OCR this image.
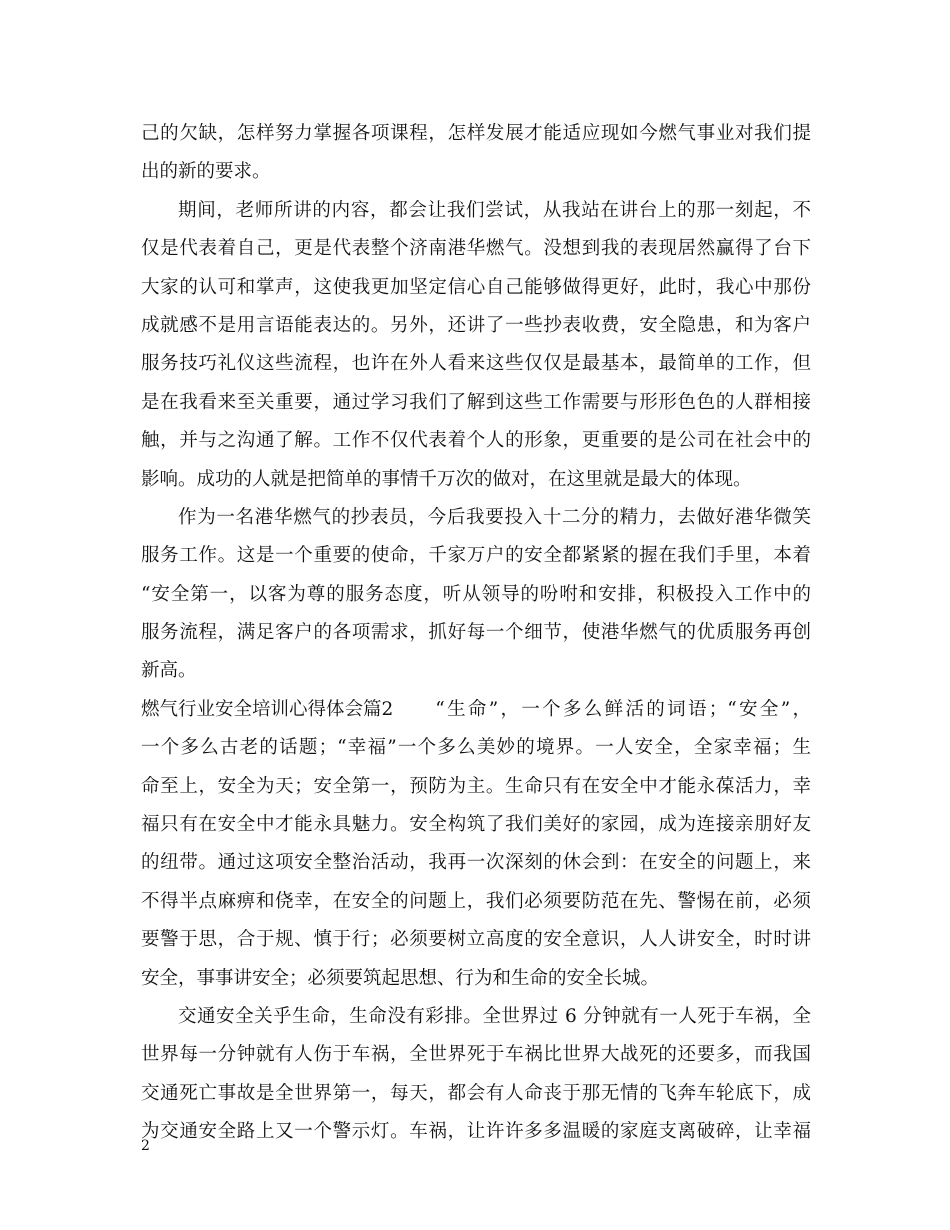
己的欠缺，怎样努力掌握各项课程，怎样发展才能适应现如今燃气事业对我们提
出的新的要求。
期间，老师所讲的内容，都会让我们尝试，从我站在讲台上的那一刻起，不
仅是代表着自己，更是代表整个济南港华燃气。没想到我的表现居然赢得了台下
大家的认可和掌声，这使我更加坚定信心自己能够做得更好，此时，我心中那份
成就感不是用言语能表达的。另外，还讲了一些抄表收费，安全隐患，和为客户
服务技巧礼仪这些流程，也许在外人看来这些仅仅是最基本，最简单的工作，但
是在我看来至关重要，通过学习我们了解到这些工作需要与形形色色的人群相接
触，并与之沟通了解。工作不仅代表着个人的形象，更重要的是公司在社会中的
影响。成功的人就是把简单的事情千万次的做对，在这里就是最大的体现。
作为一名港华燃气的抄表员，今后我要投入十二分的精力，去做好港华微笑
服务工作。这是一个重要的使命，千家万户的安全都紧紧的握在我们手里，本着
“安全第一，以客为尊的服务态度，听从领导的吩咐和安排，积极投入工作中的
服务流程，满足客户的各项需求，抓好每一个细节，使港华燃气的优质服务再创
新高。
燃气行业安全培训心得体会篇2 “生命”，一个多么鲜活的词语；“安全”，
一个多么古老的话题；“幸福”一个多么美妙的境界。一人安全，全家幸福；生
命至上，安全为天；安全第一，预防为主。生命只有在安全中才能永葆活力，幸
福只有在安全中才能永具魅力。安全构筑了我们美好的家园，成为连接亲朋好友
的纽带。通过这项安全整治活动，我再一次深刻的休会到：在安全的问题上，来
不得半点麻痹和侥幸，在安全的问题上，我们必须要防范在先、警惕在前，必须
要警于思，合于规、慎于行；必须要树立高度的安全意识，人人讲安全，时时讲
安全，事事讲安全；必须要筑起思想、行为和生命的安全长城。
交通安全关乎生命，生命没有彩排。全世界过 6 分钟就有一人死于车祸，全
世界每一分钟就有人伤于车祸，全世界死于车祸比世界大战死的还要多，而我国
交通死亡事故是全世界第一，每天，都会有人命丧于那无情的飞奔车轮底下，成
为交通安全路上又一个警示灯。车祸，让许许多多温暖的家庭支离破碎，让幸福
2
